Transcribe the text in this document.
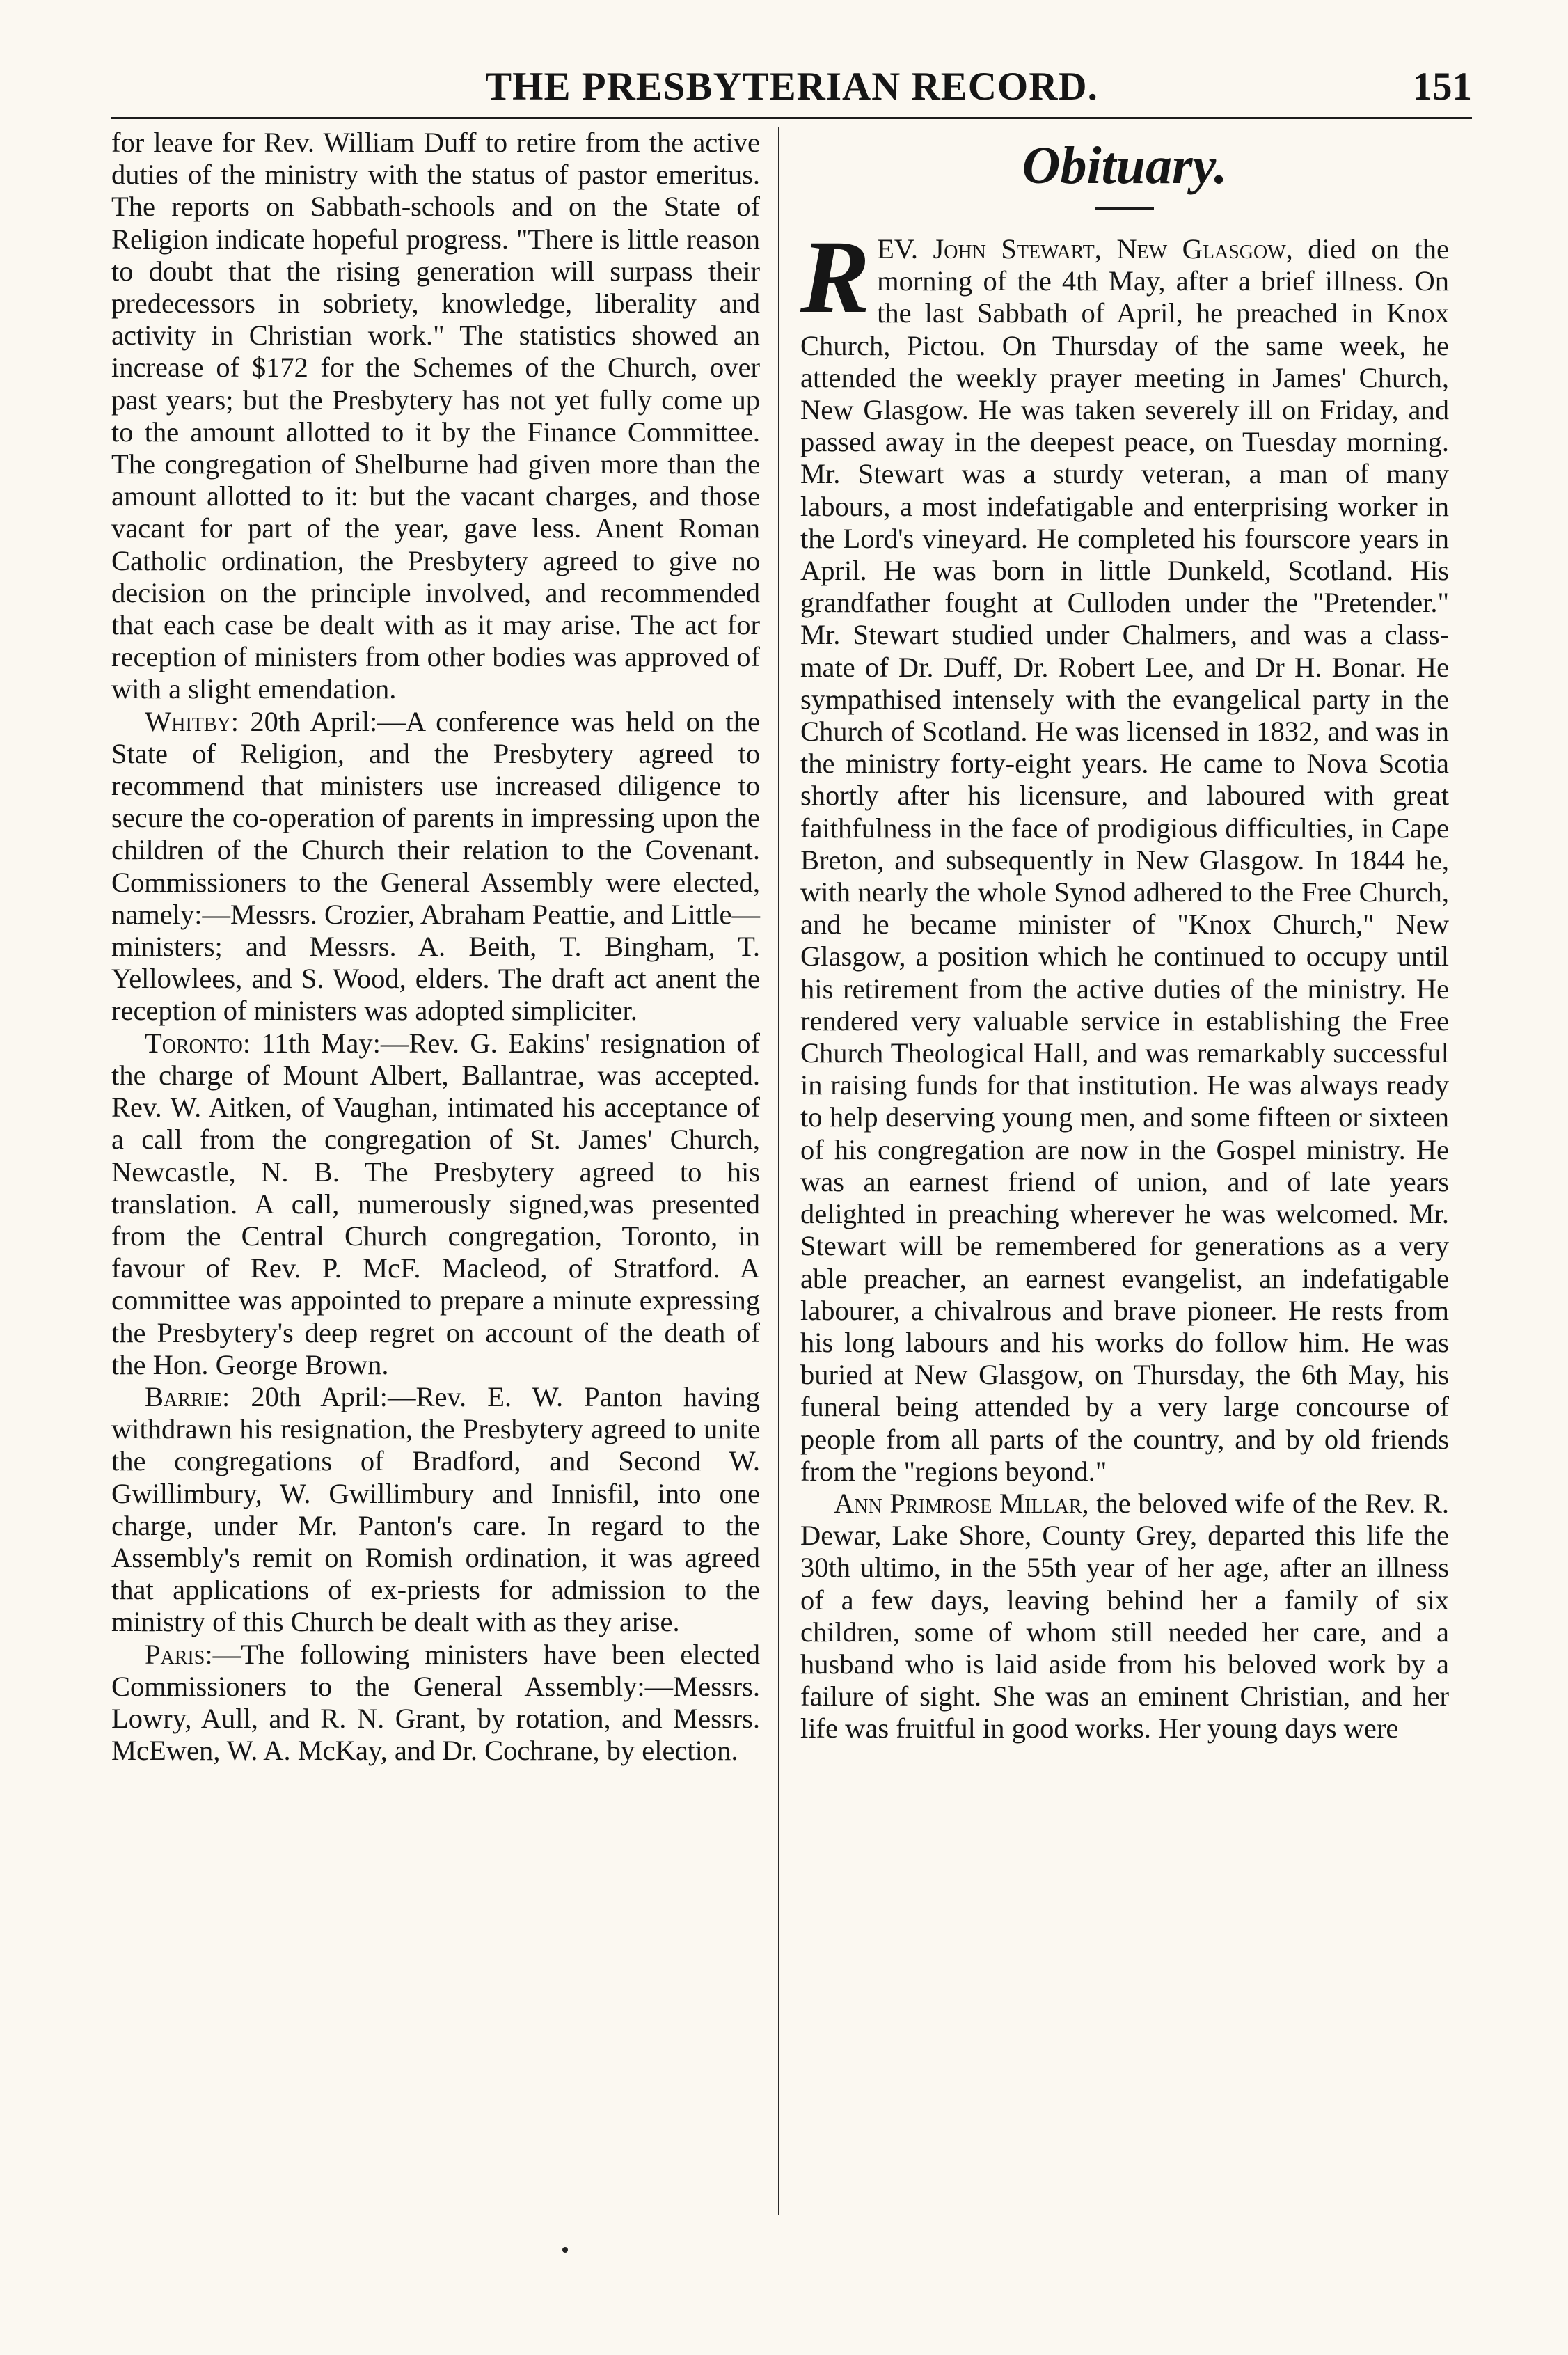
THE PRESBYTERIAN RECORD.	151

for leave for Rev. William Duff to retire from the active duties of the ministry with the status of pastor emeritus. The reports on Sabbath-schools and on the State of Religion indicate hopeful progress. "There is little reason to doubt that the rising generation will surpass their predecessors in sobriety, knowledge, liberality and activity in Christian work." The statistics showed an increase of $172 for the Schemes of the Church, over past years; but the Presbytery has not yet fully come up to the amount allotted to it by the Finance Committee. The congregation of Shelburne had given more than the amount allotted to it: but the vacant charges, and those vacant for part of the year, gave less. Anent Roman Catholic ordination, the Presbytery agreed to give no decision on the principle involved, and recommended that each case be dealt with as it may arise. The act for reception of ministers from other bodies was approved of with a slight emendation.

Whitby: 20th April:—A conference was held on the State of Religion, and the Presbytery agreed to recommend that ministers use increased diligence to secure the co-operation of parents in impressing upon the children of the Church their relation to the Covenant. Commissioners to the General Assembly were elected, namely:—Messrs. Crozier, Abraham Peattie, and Little—ministers; and Messrs. A. Beith, T. Bingham, T. Yellowlees, and S. Wood, elders. The draft act anent the reception of ministers was adopted simpliciter.

Toronto: 11th May:—Rev. G. Eakins' resignation of the charge of Mount Albert, Ballantrae, was accepted. Rev. W. Aitken, of Vaughan, intimated his acceptance of a call from the congregation of St. James' Church, Newcastle, N. B. The Presbytery agreed to his translation. A call, numerously signed,was presented from the Central Church congregation, Toronto, in favour of Rev. P. McF. Macleod, of Stratford. A committee was appointed to prepare a minute expressing the Presbytery's deep regret on account of the death of the Hon. George Brown.

Barrie: 20th April:—Rev. E. W. Panton having withdrawn his resignation, the Presbytery agreed to unite the congregations of Bradford, and Second W. Gwillimbury, W. Gwillimbury and Innisfil, into one charge, under Mr. Panton's care. In regard to the Assembly's remit on Romish ordination, it was agreed that applications of ex-priests for admission to the ministry of this Church be dealt with as they arise.

Paris:—The following ministers have been elected Commissioners to the General Assembly:—Messrs. Lowry, Aull, and R. N. Grant, by rotation, and Messrs. McEwen, W. A. McKay, and Dr. Cochrane, by election.

Obituary.

REV. John Stewart, New Glasgow, died on the morning of the 4th May, after a brief illness. On the last Sabbath of April, he preached in Knox Church, Pictou. On Thursday of the same week, he attended the weekly prayer meeting in James' Church, New Glasgow. He was taken severely ill on Friday, and passed away in the deepest peace, on Tuesday morning. Mr. Stewart was a sturdy veteran, a man of many labours, a most indefatigable and enterprising worker in the Lord's vineyard. He completed his fourscore years in April. He was born in little Dunkeld, Scotland. His grandfather fought at Culloden under the "Pretender." Mr. Stewart studied under Chalmers, and was a class-mate of Dr. Duff, Dr. Robert Lee, and Dr H. Bonar. He sympathised intensely with the evangelical party in the Church of Scotland. He was licensed in 1832, and was in the ministry forty-eight years. He came to Nova Scotia shortly after his licensure, and laboured with great faithfulness in the face of prodigious difficulties, in Cape Breton, and subsequently in New Glasgow. In 1844 he, with nearly the whole Synod adhered to the Free Church, and he became minister of "Knox Church," New Glasgow, a position which he continued to occupy until his retirement from the active duties of the ministry. He rendered very valuable service in establishing the Free Church Theological Hall, and was remarkably successful in raising funds for that institution. He was always ready to help deserving young men, and some fifteen or sixteen of his congregation are now in the Gospel ministry. He was an earnest friend of union, and of late years delighted in preaching wherever he was welcomed. Mr. Stewart will be remembered for generations as a very able preacher, an earnest evangelist, an indefatigable labourer, a chivalrous and brave pioneer. He rests from his long labours and his works do follow him. He was buried at New Glasgow, on Thursday, the 6th May, his funeral being attended by a very large concourse of people from all parts of the country, and by old friends from the "regions beyond."

Ann Primrose Millar, the beloved wife of the Rev. R. Dewar, Lake Shore, County Grey, departed this life the 30th ultimo, in the 55th year of her age, after an illness of a few days, leaving behind her a family of six children, some of whom still needed her care, and a husband who is laid aside from his beloved work by a failure of sight. She was an eminent Christian, and her life was fruitful in good works. Her young days were
